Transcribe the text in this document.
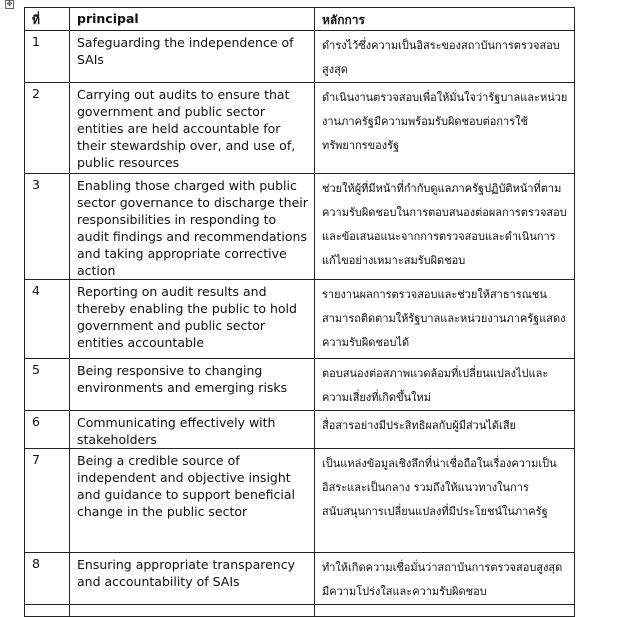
✥
ที่	principal	หลักการ
1	Safeguarding the independence of SAIs	ดำรงไว้ซึ่งความเป็นอิสระของสถาบันการตรวจสอบสูงสุด
2	Carrying out audits to ensure that government and public sector entities are held accountable for their stewardship over, and use of, public resources	ดำเนินงานตรวจสอบเพื่อให้มั่นใจว่ารัฐบาลและหน่วยงานภาครัฐมีความพร้อมรับผิดชอบต่อการใช้ทรัพยากรของรัฐ
3	Enabling those charged with public sector governance to discharge their responsibilities in responding to audit findings and recommendations and taking appropriate corrective action	ช่วยให้ผู้ที่มีหน้าที่กำกับดูแลภาครัฐปฏิบัติหน้าที่ตามความรับผิดชอบในการตอบสนองต่อผลการตรวจสอบและข้อเสนอแนะจากการตรวจสอบและดำเนินการแก้ไขอย่างเหมาะสมรับผิดชอบ
4	Reporting on audit results and thereby enabling the public to hold government and public sector entities accountable	รายงานผลการตรวจสอบและช่วยให้สาธารณชนสามารถติดตามให้รัฐบาลและหน่วยงานภาครัฐแสดงความรับผิดชอบได้
5	Being responsive to changing environments and emerging risks	ตอบสนองต่อสภาพแวดล้อมที่เปลี่ยนแปลงไปและความเสี่ยงที่เกิดขึ้นใหม่
6	Communicating effectively with stakeholders	สื่อสารอย่างมีประสิทธิผลกับผู้มีส่วนได้เสีย
7	Being a credible source of independent and objective insight and guidance to support beneficial change in the public sector	เป็นแหล่งข้อมูลเชิงลึกที่น่าเชื่อถือในเรื่องความเป็นอิสระและเป็นกลาง รวมถึงให้แนวทางในการสนับสนุนการเปลี่ยนแปลงที่มีประโยชน์ในภาครัฐ
8	Ensuring appropriate transparency and accountability of SAIs	ทำให้เกิดความเชื่อมั่นว่าสถาบันการตรวจสอบสูงสุดมีความโปร่งใสและความรับผิดชอบ
